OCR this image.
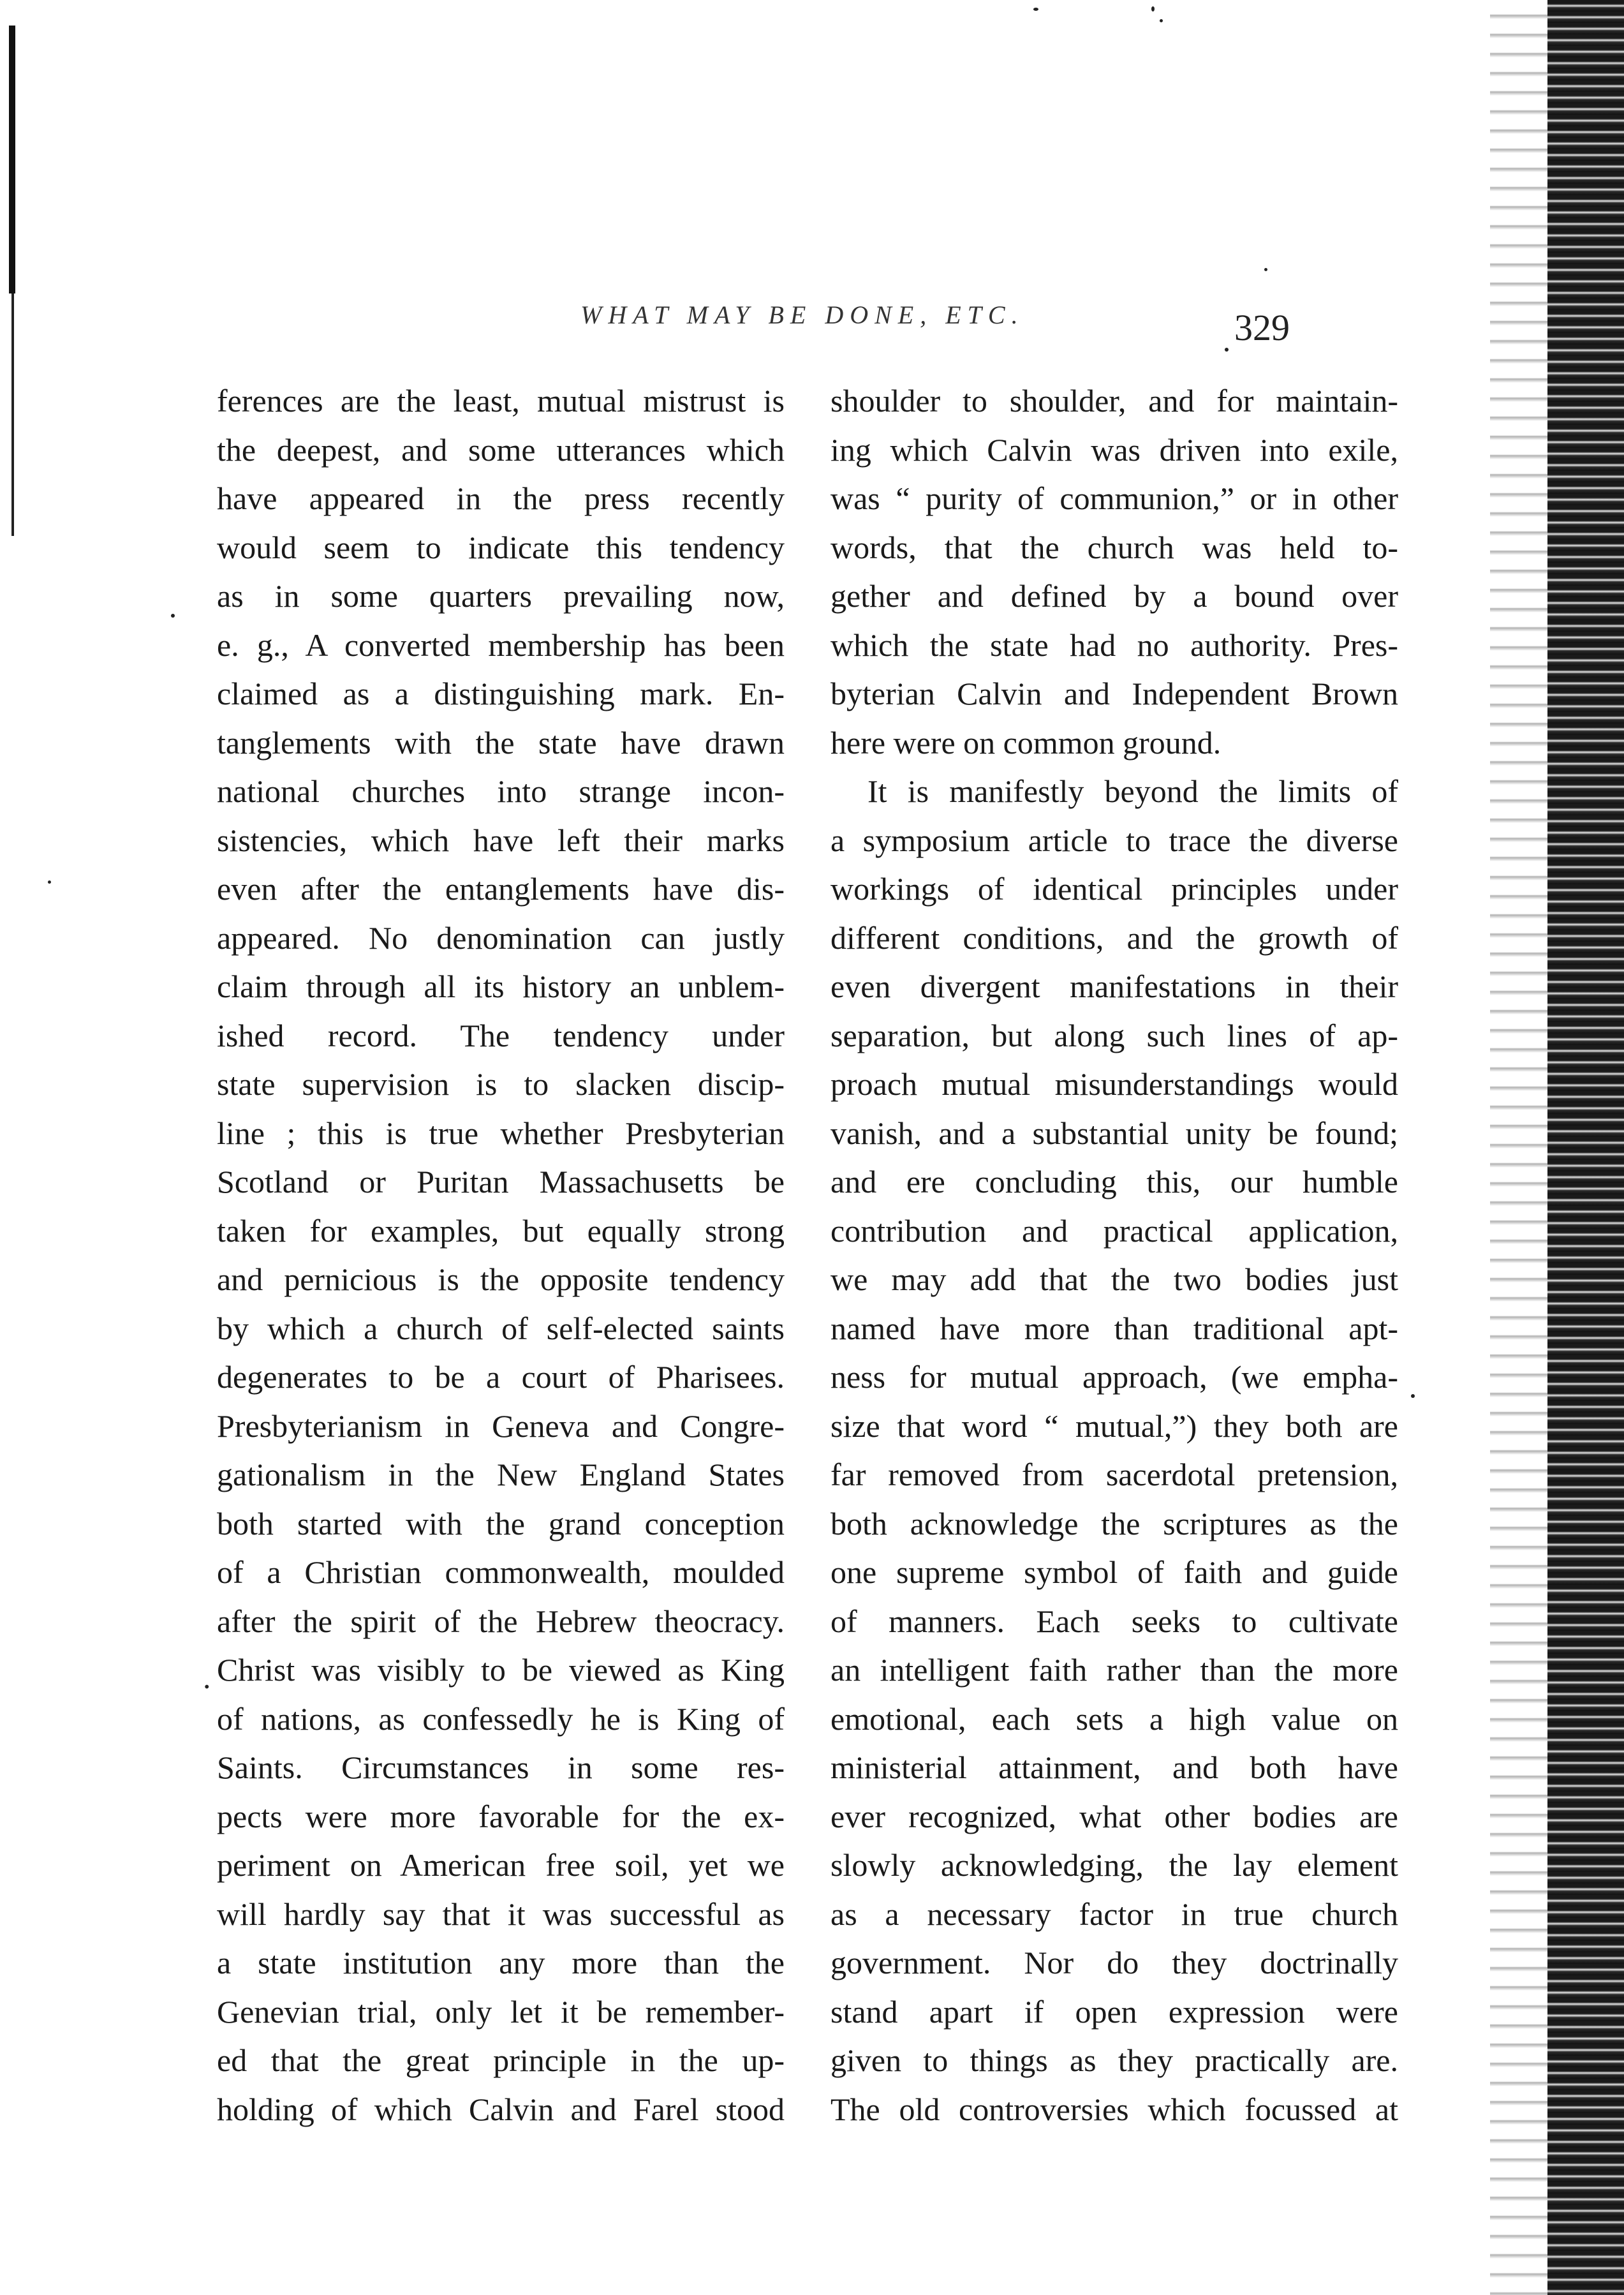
WHAT MAY BE DONE, ETC.	329
.
ferences are the least, mutual mistrust is
the deepest, and some utterances which
have appeared in the press recently
would seem to indicate this tendency
as in some quarters prevailing now,
e. g., A converted membership has been
claimed as a distinguishing mark. En-
tanglements with the state have drawn
national churches into strange incon-
sistencies, which have left their marks
even after the entanglements have dis-
appeared. No denomination can justly
claim through all its history an unblem-
ished record. The tendency under
state supervision is to slacken discip-
line ; this is true whether Presbyterian
Scotland or Puritan Massachusetts be
taken for examples, but equally strong
and pernicious is the opposite tendency
by which a church of self-elected saints
degenerates to be a court of Pharisees.
Presbyterianism in Geneva and Congre-
gationalism in the New England States
both started with the grand conception
of a Christian commonwealth, moulded
after the spirit of the Hebrew theocracy.
Christ was visibly to be viewed as King
of nations, as confessedly he is King of
Saints. Circumstances in some res-
pects were more favorable for the ex-
periment on American free soil, yet we
will hardly say that it was successful as
a state institution any more than the
Genevian trial, only let it be remember-
ed that the great principle in the up-
holding of which Calvin and Farel stood
shoulder to shoulder, and for maintain-
ing which Calvin was driven into exile,
was “ purity of communion,” or in other
words, that the church was held to-
gether and defined by a bound over
which the state had no authority. Pres-
byterian Calvin and Independent Brown
here were on common ground.
It is manifestly beyond the limits of
a symposium article to trace the diverse
workings of identical principles under
different conditions, and the growth of
even divergent manifestations in their
separation, but along such lines of ap-
proach mutual misunderstandings would
vanish, and a substantial unity be found;
and ere concluding this, our humble
contribution and practical application,
we may add that the two bodies just
named have more than traditional apt-
ness for mutual approach, (we empha-
size that word “ mutual,”) they both are
far removed from sacerdotal pretension,
both acknowledge the scriptures as the
one supreme symbol of faith and guide
of manners. Each seeks to cultivate
an intelligent faith rather than the more
emotional, each sets a high value on
ministerial attainment, and both have
ever recognized, what other bodies are
slowly acknowledging, the lay element
as a necessary factor in true church
government. Nor do they doctrinally
stand apart if open expression were
given to things as they practically are.
The old controversies which focussed at
